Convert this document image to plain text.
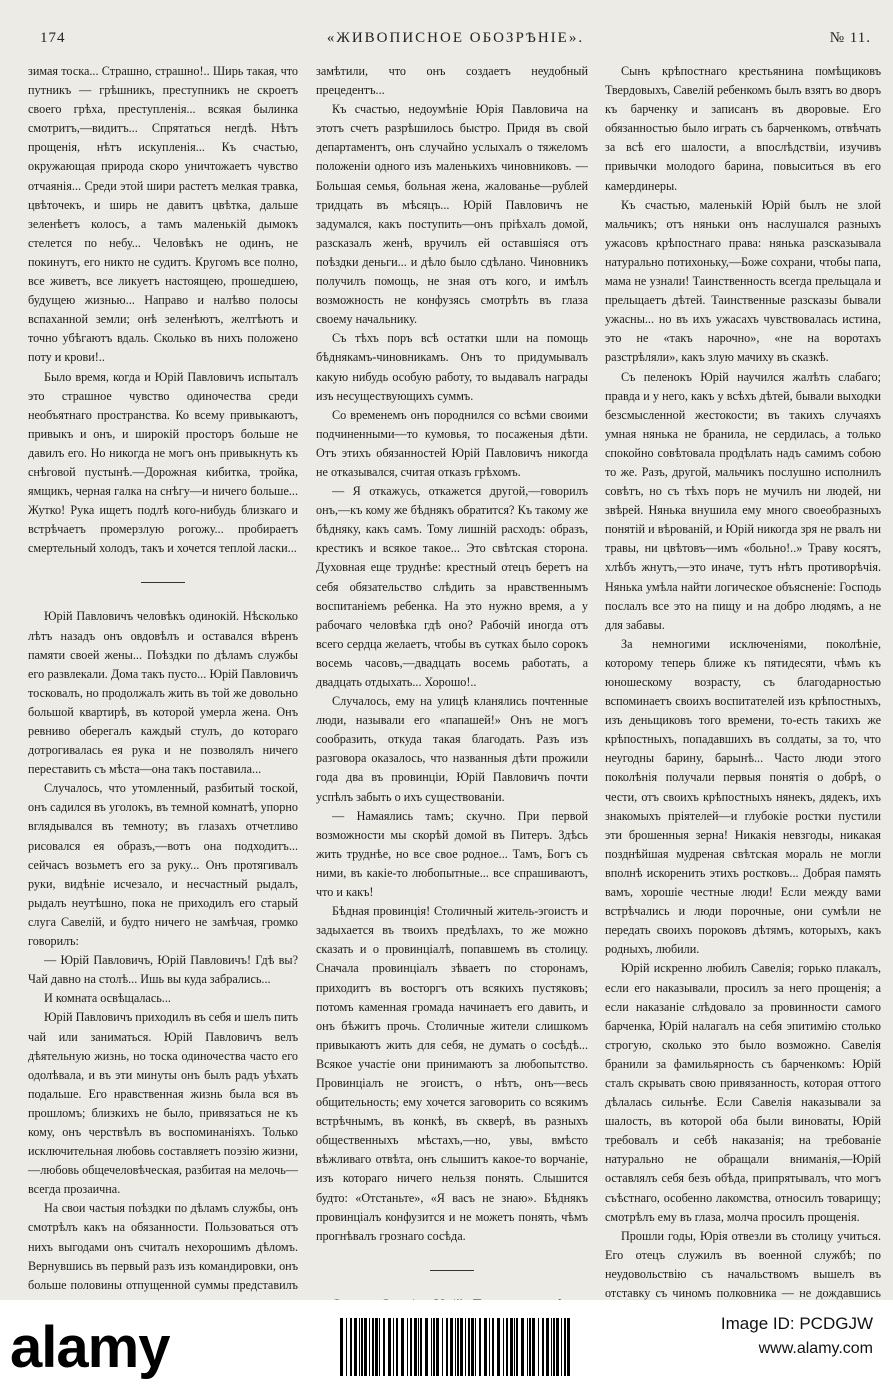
174	«ЖИВОПИСНОЕ ОБОЗРѢНІЕ».	№ 11.

зимая тоска... Страшно, страшно!.. Ширь такая, что путникъ — грѣшникъ, преступникъ не скроетъ своего грѣха, преступленія... всякая былинка смотритъ,—видитъ... Спрятаться негдѣ. Нѣтъ прощенія, нѣтъ искупленія... Къ счастью, окружающая природа скоро уничтожаетъ чувство отчаянія... Среди этой шири растетъ мелкая травка, цвѣточекъ, и ширь не давитъ цвѣтка, дальше зеленѣетъ колосъ, а тамъ маленькій дымокъ стелется по небу... Человѣкъ не одинъ, не покинутъ, его никто не судитъ. Кругомъ все полно, все живетъ, все ликуетъ настоящею, прошедшею, будущею жизнью... Направо и налѣво полосы вспаханной земли; онѣ зеленѣютъ, желтѣютъ и точно убѣгаютъ вдаль. Сколько въ нихъ положено поту и крови!..

Было время, когда и Юрій Павловичъ испыталъ это страшное чувство одиночества среди необъятнаго пространства. Ко всему привыкаютъ, привыкъ и онъ, и широкій просторъ больше не давилъ его. Но никогда не могъ онъ привыкнуть къ снѣговой пустынѣ.—Дорожная кибитка, тройка, ямщикъ, черная галка на снѣгу—и ничего больше... Жутко! Рука ищетъ подлѣ кого-нибудь близкаго и встрѣчаетъ промерзлую рогожу... пробираетъ смертельный холодъ, такъ и хочется теплой ласки...

Юрій Павловичъ человѣкъ одинокій. Нѣсколько лѣтъ назадъ онъ овдовѣлъ и оставался вѣренъ памяти своей жены... Поѣздки по дѣламъ службы его развлекали. Дома такъ пусто... Юрій Павловичъ тосковалъ, но продолжалъ жить въ той же довольно большой квартирѣ, въ которой умерла жена. Онъ ревниво оберегалъ каждый стулъ, до котораго дотрогивалась ея рука и не позволялъ ничего переставить съ мѣста—она такъ поставила...

Случалось, что утомленный, разбитый тоской, онъ садился въ уголокъ, въ темной комнатѣ, упорно вглядывался въ темноту; въ глазахъ отчетливо рисовался ея образъ,—вотъ она подходитъ... сейчасъ возьметъ его за руку... Онъ протягивалъ руки, видѣніе исчезало, и несчастный рыдалъ, рыдалъ неутѣшно, пока не приходилъ его старый слуга Савелій, и будто ничего не замѣчая, громко говорилъ:

— Юрій Павловичъ, Юрій Павловичъ! Гдѣ вы? Чай давно на столѣ... Ишь вы куда забрались...

И комната освѣщалась...

Юрій Павловичъ приходилъ въ себя и шелъ пить чай или заниматься. Юрій Павловичъ велъ дѣятельную жизнь, но тоска одиночества часто его одолѣвала, и въ эти минуты онъ былъ радъ уѣхать подальше. Его нравственная жизнь была вся въ прошломъ; близкихъ не было, привязаться не къ кому, онъ черствѣлъ въ воспоминаніяхъ. Только исключительная любовь составляетъ поэзію жизни,—любовь общечеловѣческая, разбитая на мелочь—всегда прозаична.

На свои частыя поѣздки по дѣламъ службы, онъ смотрѣлъ какъ на обязанности. Пользоваться отъ нихъ выгодами онъ считалъ нехорошимъ дѣломъ. Вернувшись въ первый разъ изъ командировки, онъ больше половины отпущенной суммы представилъ

замѣтили, что онъ создаетъ неудобный прецедентъ...

Къ счастью, недоумѣніе Юрія Павловича на этотъ счетъ разрѣшилось быстро. Придя въ свой департаментъ, онъ случайно услыхалъ о тяжеломъ положеніи одного изъ маленькихъ чиновниковъ. — Большая семья, больная жена, жалованье—рублей тридцать въ мѣсяцъ... Юрій Павловичъ не задумался, какъ поступить—онъ пріѣхалъ домой, разсказалъ женѣ, вручилъ ей оставшіяся отъ поѣздки деньги... и дѣло было сдѣлано. Чиновникъ получилъ помощь, не зная отъ кого, и имѣлъ возможность не конфузясь смотрѣть въ глаза своему начальнику.

Съ тѣхъ поръ всѣ остатки шли на помощь бѣднякамъ-чиновникамъ. Онъ то придумывалъ какую нибудь особую работу, то выдавалъ награды изъ несуществующихъ суммъ.

Со временемъ онъ породнился со всѣми своими подчиненными—то кумовья, то посаженыя дѣти. Отъ этихъ обязанностей Юрій Павловичъ никогда не отказывался, считая отказъ грѣхомъ.

— Я откажусь, откажется другой,—говорилъ онъ,—къ кому же бѣднякъ обратится? Къ такому же бѣдняку, какъ самъ. Тому лишній расходъ: образъ, крестикъ и всякое такое... Это свѣтская сторона. Духовная еще труднѣе: крестный отецъ беретъ на себя обязательство слѣдить за нравственнымъ воспитаніемъ ребенка. На это нужно время, а у рабочаго человѣка гдѣ оно? Рабочій иногда отъ всего сердца желаетъ, чтобы въ сутках было сорокъ восемь часовъ,—двадцать восемь работать, а двадцать отдыхать... Хорошо!..

Случалось, ему на улицѣ кланялись почтенные люди, называли его «папашей!» Онъ не могъ сообразить, откуда такая благодать. Разъ изъ разговора оказалось, что названныя дѣти прожили года два въ провинціи, Юрій Павловичъ почти успѣлъ забыть о ихъ существованіи.

— Намаялись тамъ; скучно. При первой возможности мы скорѣй домой въ Питеръ. Здѣсь жить труднѣе, но все свое родное... Тамъ, Богъ съ ними, въ какіе-то любопытные... все спрашиваютъ, что и какъ!

Бѣдная провинція! Столичный житель-эгоистъ и задыхается въ твоихъ предѣлахъ, то же можно сказать и о провинціалѣ, попавшемъ въ столицу. Сначала провинціалъ зѣваетъ по сторонамъ, приходитъ въ восторгъ отъ всякихъ пустяковъ; потомъ каменная громада начинаетъ его давить, и онъ бѣжитъ прочь. Столичные жители слишкомъ привыкаютъ жить для себя, не думать о сосѣдѣ... Всякое участіе они принимаютъ за любопытство. Провинціалъ не эгоистъ, о нѣтъ, онъ—весь общительность; ему хочется заговорить со всякимъ встрѣчнымъ, въ конкѣ, въ скверѣ, въ разныхъ общественныхъ мѣстахъ,—но, увы, вмѣсто вѣжливаго отвѣта, онъ слышитъ какое-то ворчаніе, изъ котораго ничего нельзя понять. Слышится будто: «Отстаньте», «Я васъ не знаю». Бѣднякъ провинціалъ конфузится и не можетъ понять, чѣмъ прогнѣвалъ грознаго сосѣда.

Сынъ крѣпостнаго крестьянина помѣщиковъ Твердовыхъ, Савелій ребенкомъ былъ взятъ во дворъ къ барченку и записанъ въ дворовые. Его обязанностью было играть съ барченкомъ, отвѣчать за всѣ его шалости, а впослѣдствіи, изучивъ привычки молодого барина, повыситься въ его камердинеры.

Къ счастью, маленькій Юрій былъ не злой мальчикъ; отъ няньки онъ наслушался разныхъ ужасовъ крѣпостнаго права: нянька разсказывала натурально потихоньку,—Боже сохрани, чтобы папа, мама не узнали! Таинственность всегда прельщала и прельщаетъ дѣтей. Таинственные разсказы бывали ужасны... но въ ихъ ужасахъ чувствовалась истина, это не «такъ нарочно», «не на воротахъ разстрѣляли», какъ злую мачиху въ сказкѣ.

Съ пеленокъ Юрій научился жалѣть слабаго; правда и у него, какъ у всѣхъ дѣтей, бывали выходки безсмысленной жестокости; въ такихъ случаяхъ умная нянька не бранила, не сердилась, а только спокойно совѣтовала продѣлать надъ самимъ собою то же. Разъ, другой, мальчикъ послушно исполнилъ совѣтъ, но съ тѣхъ поръ не мучилъ ни людей, ни звѣрей. Нянька внушила ему много своеобразныхъ понятій и вѣрованій, и Юрій никогда зря не рвалъ ни травы, ни цвѣтовъ—имъ «больно!..» Траву косятъ, хлѣбъ жнутъ,—это иначе, тутъ нѣтъ противорѣчія. Нянька умѣла найти логическое объясненіе: Господь послалъ все это на пищу и на добро людямъ, а не для забавы.

За немногими исключеніями, поколѣніе, которому теперь ближе къ пятидесяти, чѣмъ къ юношескому возрасту, съ благодарностью вспоминаетъ своихъ воспитателей изъ крѣпостныхъ, изъ деньщиковъ того времени, то-есть такихъ же крѣпостныхъ, попадавшихъ въ солдаты, за то, что неугодны барину, барынѣ... Часто люди этого поколѣнія получали первыя понятія о добрѣ, о чести, отъ своихъ крѣпостныхъ нянекъ, дядекъ, ихъ знакомыхъ пріятелей—и глубокіе ростки пустили эти брошенныя зерна! Никакія невзгоды, никакая позднѣйшая мудреная свѣтская мораль не могли вполнѣ искоренить этихъ ростковъ... Добрая память вамъ, хорошіе честные люди! Если между вами встрѣчались и люди порочные, они сумѣли не передать своихъ пороковъ дѣтямъ, которыхъ, какъ родныхъ, любили.

Юрій искренно любилъ Савелія; горько плакалъ, если его наказывали, просилъ за него прощенія; а если наказаніе слѣдовало за провинности самого барченка, Юрій налагалъ на себя эпитимію столько строгую, сколько это было возможно. Савелія бранили за фамильярность съ барченкомъ: Юрій сталъ скрывать свою привязанность, которая оттого дѣлалась сильнѣе. Если Савелія наказывали за шалость, въ которой оба были виноваты, Юрій требовалъ и себѣ наказанія; на требованіе натурально не обращали вниманія,—Юрій оставлялъ себя безъ обѣда, припрятывалъ, что могъ съѣстнаго, особенно лакомства, относилъ товарищу; смотрѣлъ ему въ глаза, молча просилъ прощенія.

Прошли годы, Юрія отвезли въ столицу учиться. Его отецъ служилъ въ военной службѣ; по неудовольствію съ начальствомъ вышелъ въ отставку съ чиномъ полковника — не дождавшись

alamy	Image ID: PCDGJW
www.alamy.com
